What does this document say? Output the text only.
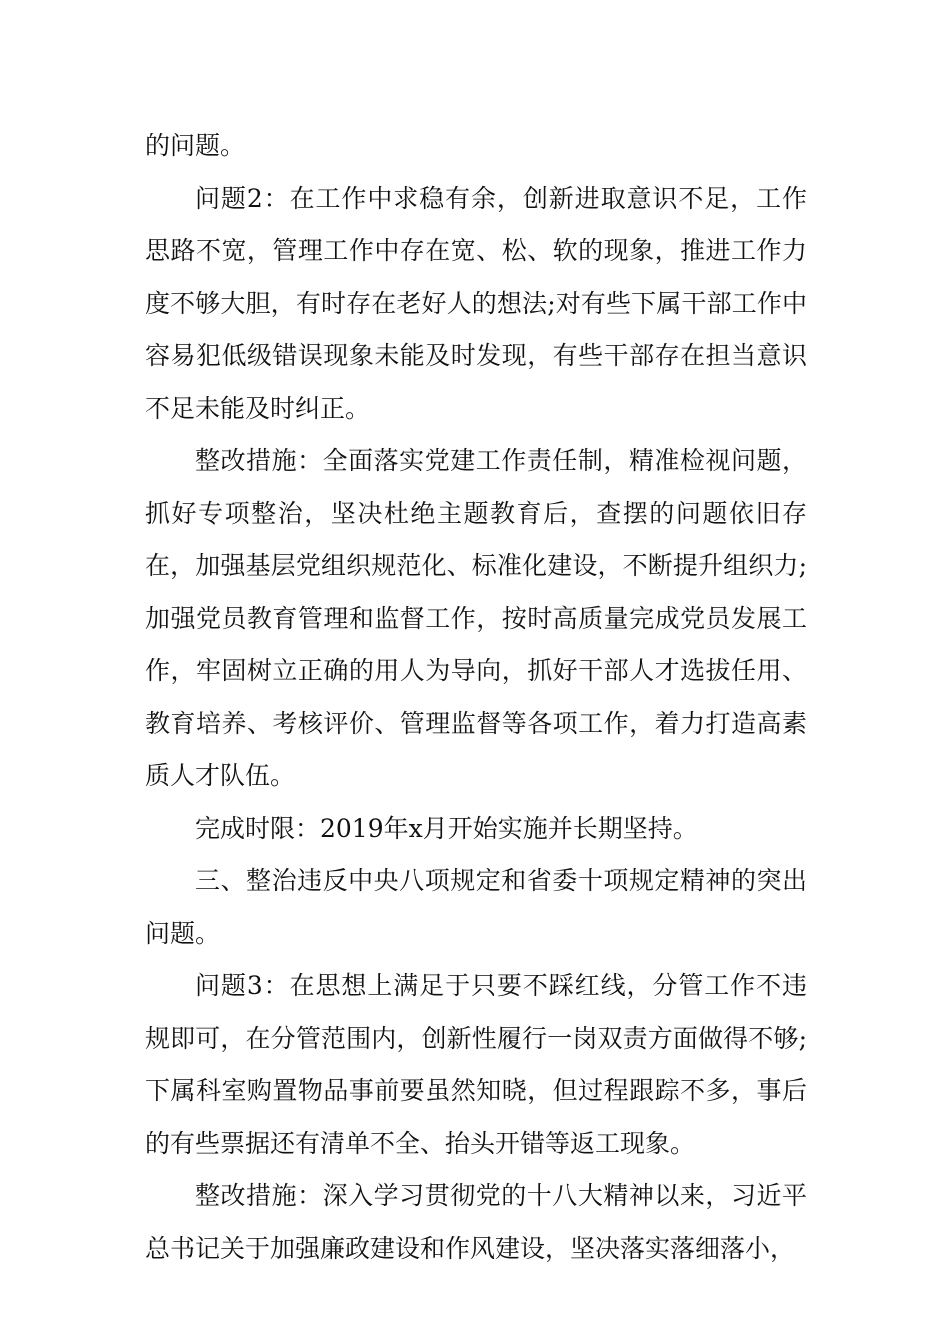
的问题。

问题2：在工作中求稳有余，创新进取意识不足，工作思路不宽，管理工作中存在宽、松、软的现象，推进工作力度不够大胆，有时存在老好人的想法;对有些下属干部工作中容易犯低级错误现象未能及时发现，有些干部存在担当意识不足未能及时纠正。

整改措施：全面落实党建工作责任制，精准检视问题，抓好专项整治，坚决杜绝主题教育后，查摆的问题依旧存在，加强基层党组织规范化、标准化建设，不断提升组织力;加强党员教育管理和监督工作，按时高质量完成党员发展工作，牢固树立正确的用人为导向，抓好干部人才选拔任用、教育培养、考核评价、管理监督等各项工作，着力打造高素质人才队伍。

完成时限：2019年x月开始实施并长期坚持。

三、整治违反中央八项规定和省委十项规定精神的突出问题。

问题3：在思想上满足于只要不踩红线，分管工作不违规即可，在分管范围内，创新性履行一岗双责方面做得不够;下属科室购置物品事前要虽然知晓，但过程跟踪不多，事后的有些票据还有清单不全、抬头开错等返工现象。

整改措施：深入学习贯彻党的十八大精神以来，习近平总书记关于加强廉政建设和作风建设，坚决落实落细落小，
